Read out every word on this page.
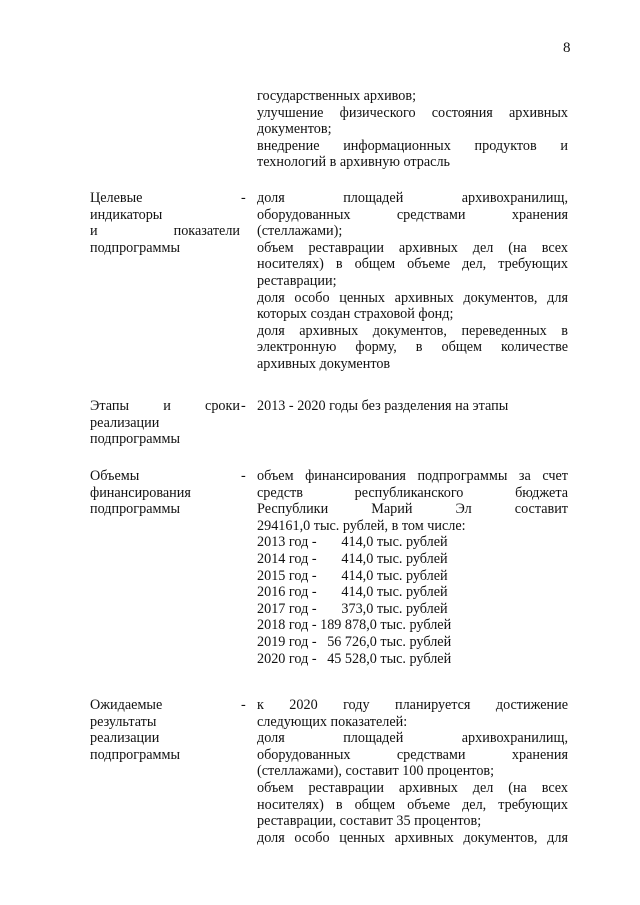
8
государственных архивов;
улучшение физического состояния архивных
документов;
внедрение информационных продуктов и
технологий в архивную отрасль
Целевые
индикаторы
и показатели
подпрограммы
- доля площадей архивохранилищ,
оборудованных средствами хранения
(стеллажами);
объем реставрации архивных дел (на всех
носителях) в общем объеме дел, требующих
реставрации;
доля особо ценных архивных документов, для
которых создан страховой фонд;
доля архивных документов, переведенных в
электронную форму, в общем количестве
архивных документов
Этапы и сроки
реализации
подпрограммы
- 2013 - 2020 годы без разделения на этапы
Объемы
финансирования
подпрограммы
- объем финансирования подпрограммы за счет
средств республиканского бюджета
Республики Марий Эл составит
294161,0 тыс. рублей, в том числе:
2013 год -       414,0 тыс. рублей
2014 год -       414,0 тыс. рублей
2015 год -       414,0 тыс. рублей
2016 год -       414,0 тыс. рублей
2017 год -       373,0 тыс. рублей
2018 год - 189 878,0 тыс. рублей
2019 год -   56 726,0 тыс. рублей
2020 год -   45 528,0 тыс. рублей
Ожидаемые
результаты
реализации
подпрограммы
- к 2020 году планируется достижение
следующих показателей:
доля площадей архивохранилищ,
оборудованных средствами хранения
(стеллажами), составит 100 процентов;
объем реставрации архивных дел (на всех
носителях) в общем объеме дел, требующих
реставрации, составит 35 процентов;
доля особо ценных архивных документов, для
